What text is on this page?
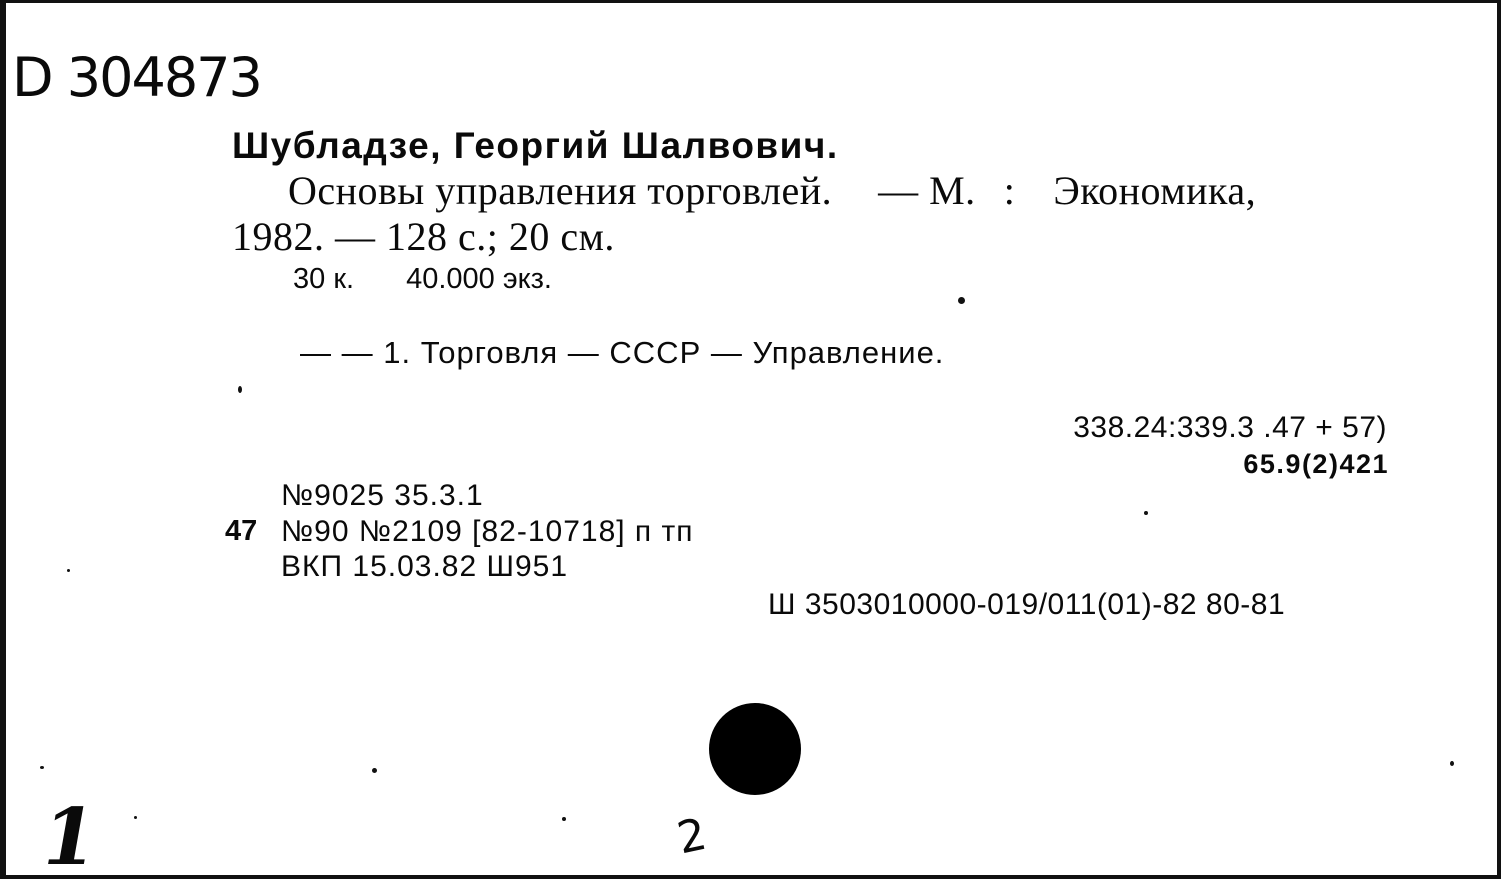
D 304873
Шубладзе, Георгий Шалвович.
Основы управления торговлей. — М. : Экономика,
1982. — 128 с.; 20 см.
30 к. 40.000 экз.
— — 1. Торговля — СССР — Управление.
338.24:339.3 .47 + 57)
65.9(2)421
№9025 35.3.1
47 №90 №2109 [82-10718] п тп
ВКП 15.03.82 Ш951
Ш 3503010000-019/011(01)-82 80-81
1	2
